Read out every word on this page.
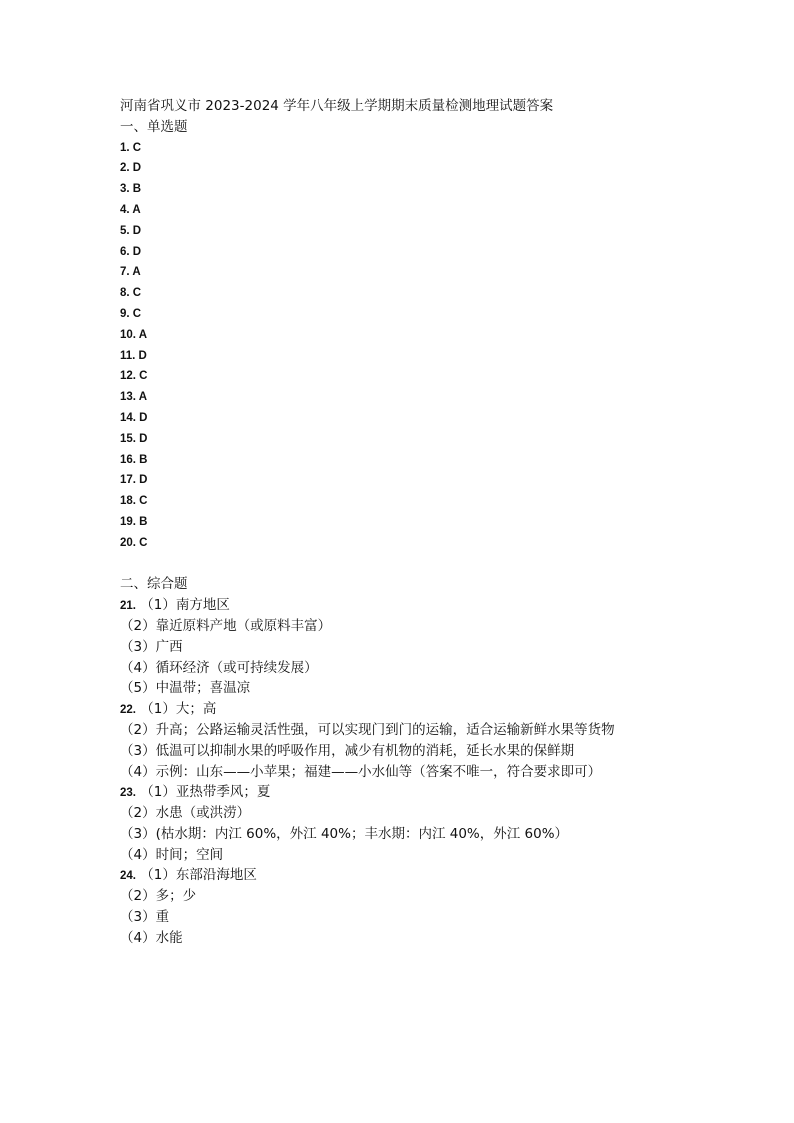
河南省巩义市 2023-2024 学年八年级上学期期末质量检测地理试题答案
一、单选题
1. C
2. D
3. B
4. A
5. D
6. D
7. A
8. C
9. C
10. A
11. D
12. C
13. A
14. D
15. D
16. B
17. D
18. C
19. B
20. C
二、综合题
21. （1）南方地区
（2）靠近原料产地（或原料丰富）
（3）广西
（4）循环经济（或可持续发展）
（5）中温带；喜温凉
22. （1）大；高
（2）升高；公路运输灵活性强，可以实现门到门的运输，适合运输新鲜水果等货物
（3）低温可以抑制水果的呼吸作用，减少有机物的消耗，延长水果的保鲜期
（4）示例：山东——小苹果；福建——小水仙等（答案不唯一，符合要求即可）
23. （1）亚热带季风；夏
（2）水患（或洪涝）
（3）(枯水期：内江 60%，外江 40%；丰水期：内江 40%，外江 60%）
（4）时间；空间
24. （1）东部沿海地区
（2）多；少
（3）重
（4）水能
